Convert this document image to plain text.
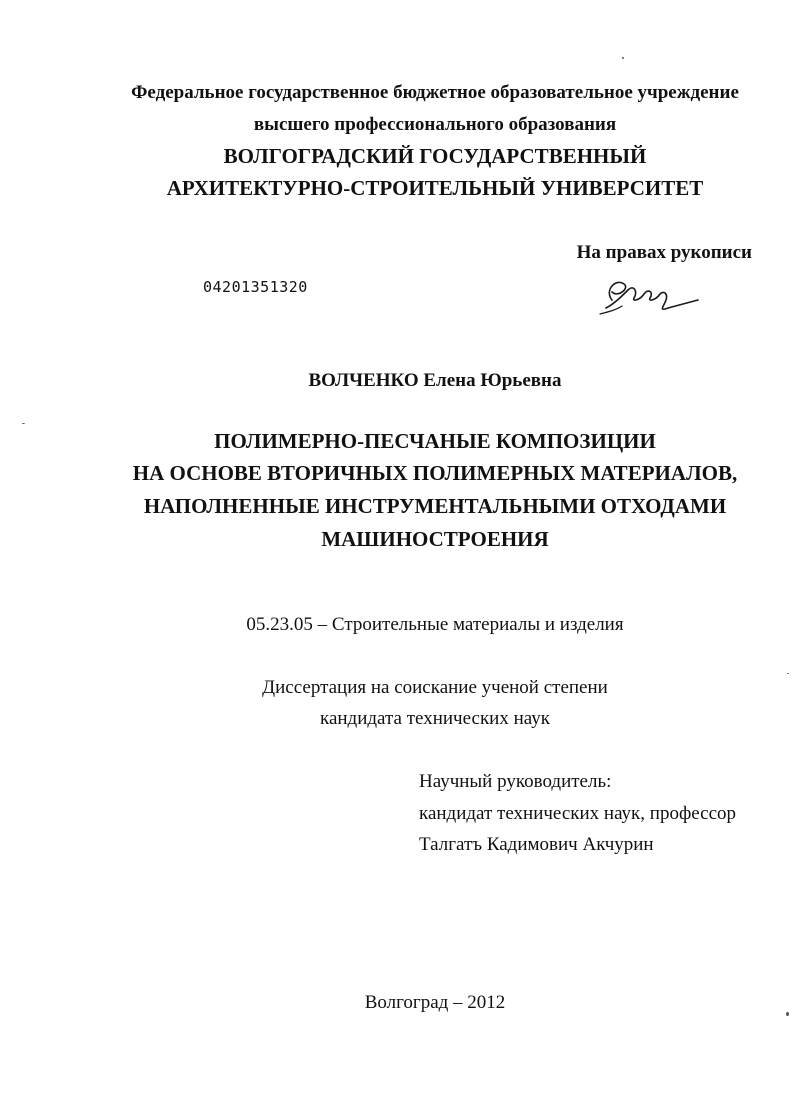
Федеральное государственное бюджетное образовательное учреждение
высшего профессионального образования
ВОЛГОГРАДСКИЙ ГОСУДАРСТВЕННЫЙ
АРХИТЕКТУРНО-СТРОИТЕЛЬНЫЙ УНИВЕРСИТЕТ
На правах рукописи
04201351320
ВОЛЧЕНКО Елена Юрьевна
ПОЛИМЕРНО-ПЕСЧАНЫЕ КОМПОЗИЦИИ
НА ОСНОВЕ ВТОРИЧНЫХ ПОЛИМЕРНЫХ МАТЕРИАЛОВ,
НАПОЛНЕННЫЕ ИНСТРУМЕНТАЛЬНЫМИ ОТХОДАМИ
МАШИНОСТРОЕНИЯ
05.23.05 – Строительные материалы и изделия
Диссертация на соискание ученой степени
кандидата технических наук
Научный руководитель:
кандидат технических наук, профессор
Талгатъ Кадимович Акчурин
Волгоград – 2012
